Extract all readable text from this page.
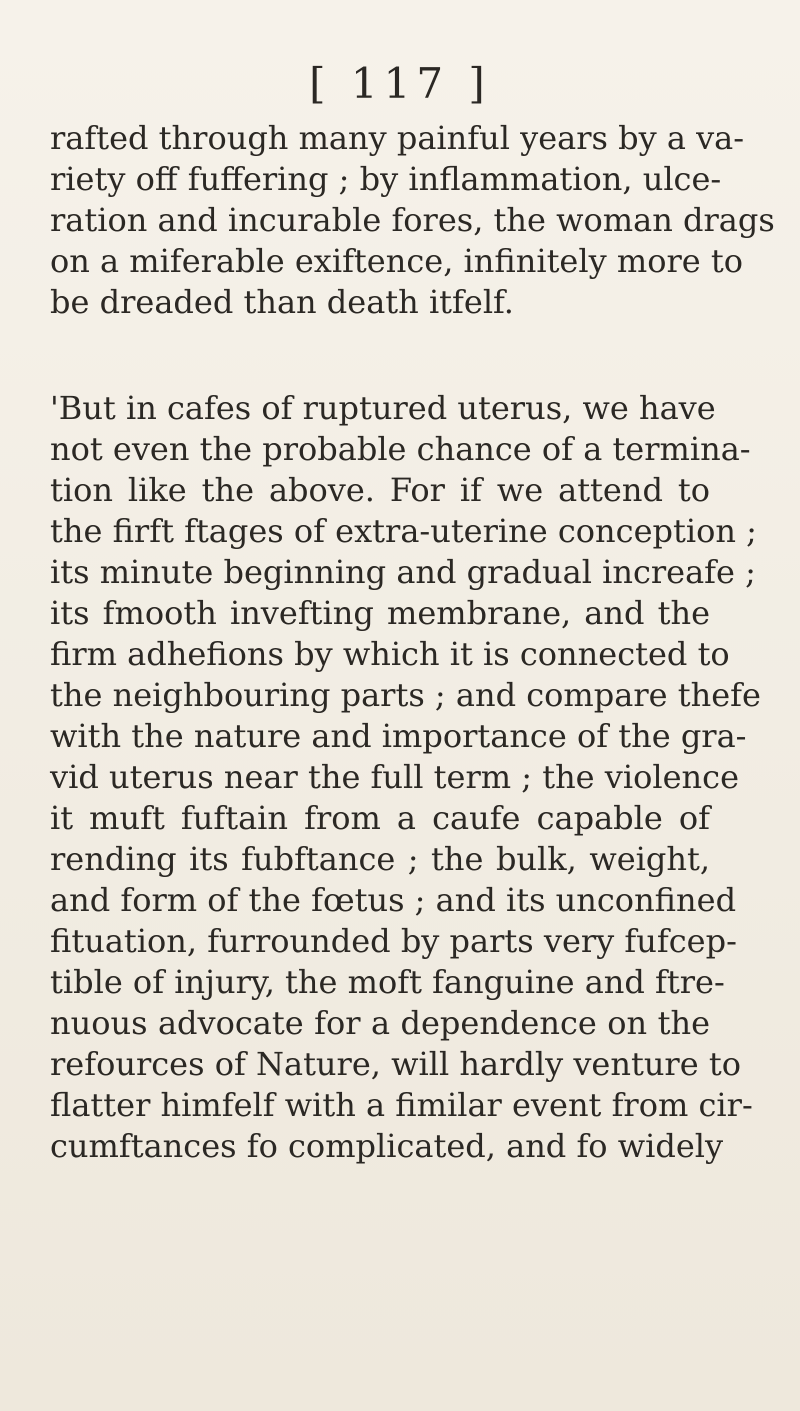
[ 117 ]
rafted through many painful years by a va-
riety off fuffering ; by inflammation, ulce-
ration and incurable fores, the woman drags
on a miferable exiftence, infinitely more to
be dreaded than death itfelf.
'But in cafes of ruptured uterus, we have
not even the probable chance of a termina-
tion like the above. For if we attend to
the firft ftages of extra-uterine conception ;
its minute beginning and gradual increafe ;
its fmooth invefting membrane, and the
firm adhefions by which it is connected to
the neighbouring parts ; and compare thefe
with the nature and importance of the gra-
vid uterus near the full term ; the violence
it muft fuftain from a caufe capable of
rending its fubftance ; the bulk, weight,
and form of the fœtus ; and its unconfined
fituation, furrounded by parts very fufcep-
tible of injury, the moft fanguine and ftre-
nuous advocate for a dependence on the
refources of Nature, will hardly venture to
flatter himfelf with a fimilar event from cir-
cumftances fo complicated, and fo widely
